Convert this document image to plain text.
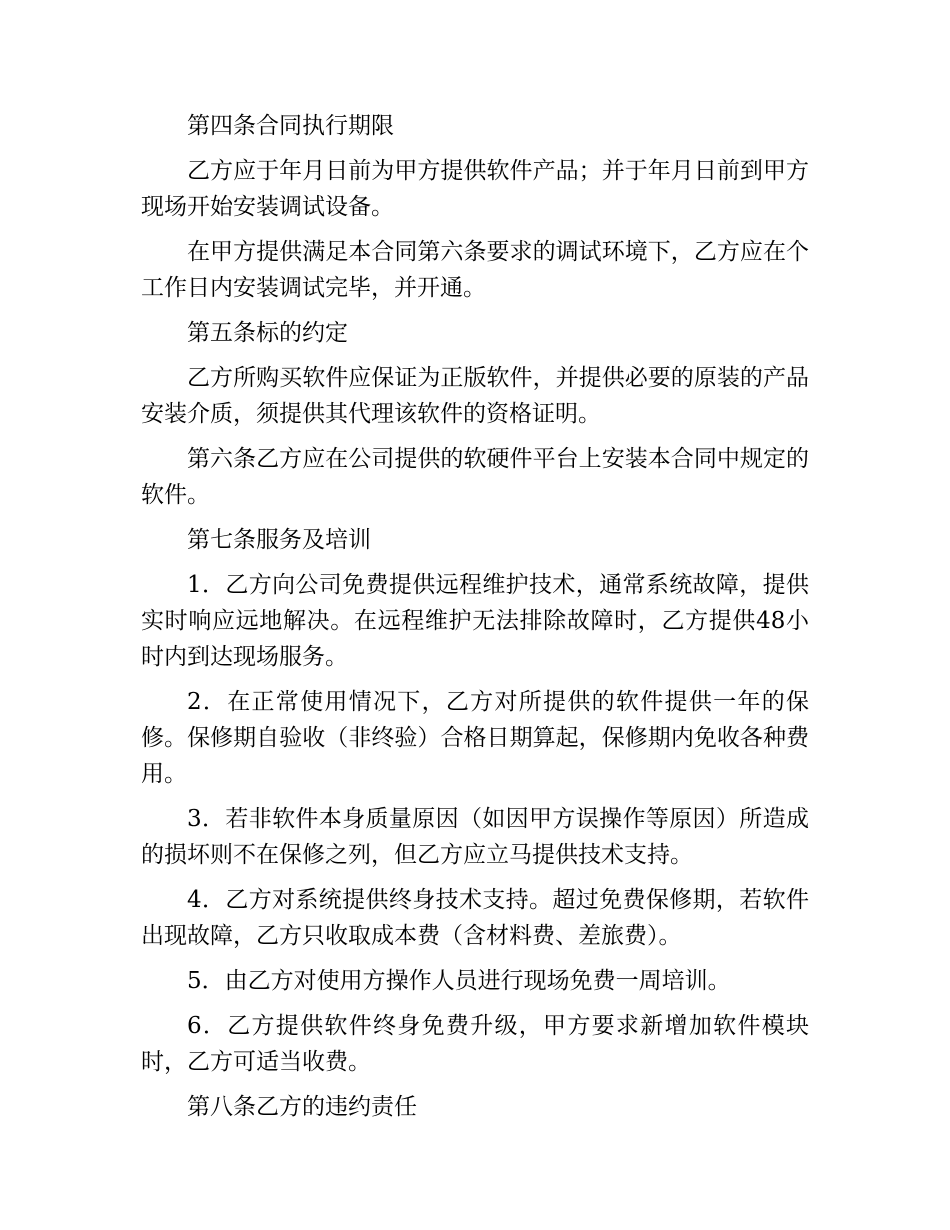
第四条合同执行期限

乙方应于年月日前为甲方提供软件产品；并于年月日前到甲方现场开始安装调试设备。

在甲方提供满足本合同第六条要求的调试环境下，乙方应在个工作日内安装调试完毕，并开通。

第五条标的约定

乙方所购买软件应保证为正版软件，并提供必要的原装的产品安装介质，须提供其代理该软件的资格证明。

第六条乙方应在公司提供的软硬件平台上安装本合同中规定的软件。

第七条服务及培训

1．乙方向公司免费提供远程维护技术，通常系统故障，提供实时响应远地解决。在远程维护无法排除故障时，乙方提供48小时内到达现场服务。

2．在正常使用情况下，乙方对所提供的软件提供一年的保修。保修期自验收（非终验）合格日期算起，保修期内免收各种费用。

3．若非软件本身质量原因（如因甲方误操作等原因）所造成的损坏则不在保修之列，但乙方应立马提供技术支持。

4．乙方对系统提供终身技术支持。超过免费保修期，若软件出现故障，乙方只收取成本费（含材料费、差旅费）。

5．由乙方对使用方操作人员进行现场免费一周培训。

6．乙方提供软件终身免费升级，甲方要求新增加软件模块时，乙方可适当收费。

第八条乙方的违约责任
